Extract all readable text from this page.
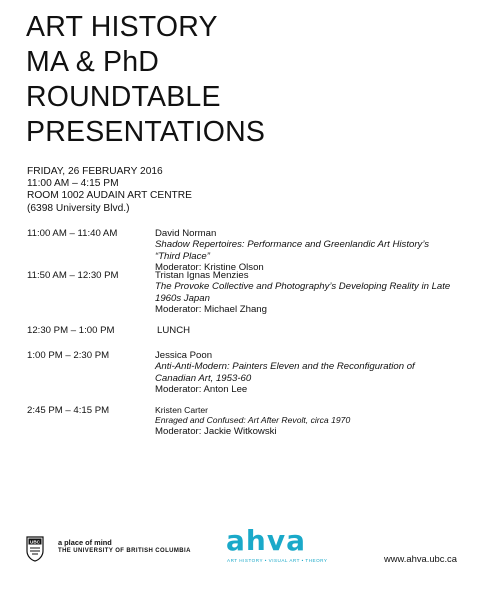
ART HISTORY
MA & PhD
ROUNDTABLE
PRESENTATIONS
FRIDAY, 26 FEBRUARY 2016
11:00 AM – 4:15 PM
ROOM 1002 AUDAIN ART CENTRE
(6398 University Blvd.)
11:00 AM – 11:40 AM	David Norman
Shadow Repertoires: Performance and Greenlandic Art History’s “Third Place”
Moderator: Kristine Olson
11:50 AM – 12:30 PM	Tristan Ignas Menzies
The Provoke Collective and Photography’s Developing Reality in Late 1960s Japan
Moderator: Michael Zhang
12:30 PM – 1:00 PM	LUNCH
1:00 PM – 2:30 PM	Jessica Poon
Anti-Anti-Modern: Painters Eleven and the Reconfiguration of Canadian Art, 1953-60
Moderator: Anton Lee
2:45 PM – 4:15 PM	Kristen Carter
Enraged and Confused: Art After Revolt, circa 1970
Moderator: Jackie Witkowski
UBC a place of mind
THE UNIVERSITY OF BRITISH COLUMBIA ahva
ART HISTORY • VISUAL ART • THEORY	www.ahva.ubc.ca
